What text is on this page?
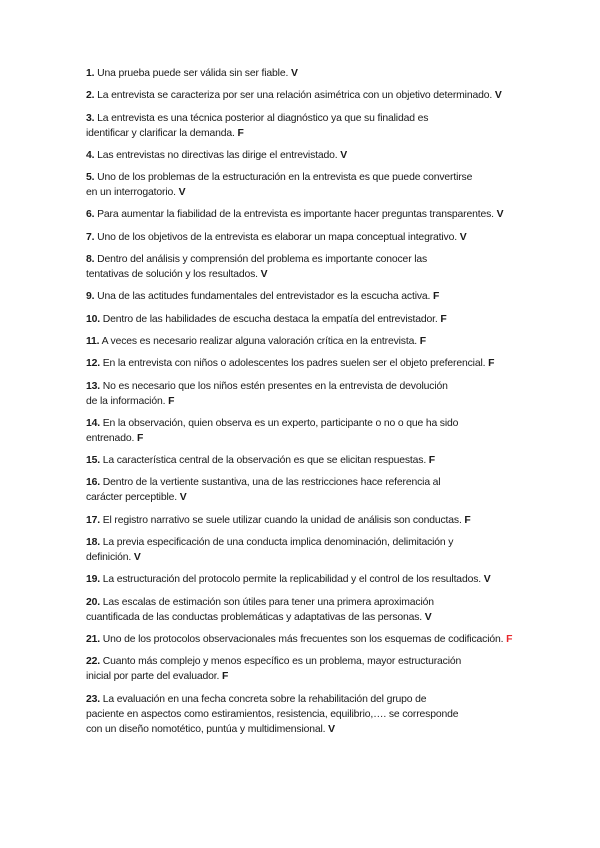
1. Una prueba puede ser válida sin ser fiable. V
2. La entrevista se caracteriza por ser una relación asimétrica con un objetivo determinado. V
3. La entrevista es una técnica posterior al diagnóstico ya que su finalidad es
identificar y clarificar la demanda. F
4. Las entrevistas no directivas las dirige el entrevistado. V
5. Uno de los problemas de la estructuración en la entrevista es que puede convertirse
en un interrogatorio. V
6. Para aumentar la fiabilidad de la entrevista es importante hacer preguntas transparentes. V
7. Uno de los objetivos de la entrevista es elaborar un mapa conceptual integrativo. V
8. Dentro del análisis y comprensión del problema es importante conocer las
tentativas de solución y los resultados. V
9. Una de las actitudes fundamentales del entrevistador es la escucha activa. F
10. Dentro de las habilidades de escucha destaca la empatía del entrevistador. F
11. A veces es necesario realizar alguna valoración crítica en la entrevista. F
12. En la entrevista con niños o adolescentes los padres suelen ser el objeto preferencial. F
13. No es necesario que los niños estén presentes en la entrevista de devolución
de la información. F
14. En la observación, quien observa es un experto, participante o no o que ha sido
entrenado. F
15. La característica central de la observación es que se elicitan respuestas. F
16. Dentro de la vertiente sustantiva, una de las restricciones hace referencia al
carácter perceptible. V
17. El registro narrativo se suele utilizar cuando la unidad de análisis son conductas. F
18. La previa especificación de una conducta implica denominación, delimitación y
definición. V
19. La estructuración del protocolo permite la replicabilidad y el control de los resultados. V
20. Las escalas de estimación son útiles para tener una primera aproximación
cuantificada de las conductas problemáticas y adaptativas de las personas. V
21. Uno de los protocolos observacionales más frecuentes son los esquemas de codificación. F
22. Cuanto más complejo y menos específico es un problema, mayor estructuración
inicial por parte del evaluador. F
23. La evaluación en una fecha concreta sobre la rehabilitación del grupo de
paciente en aspectos como estiramientos, resistencia, equilibrio,…. se corresponde
con un diseño nomotético, puntúa y multidimensional. V
